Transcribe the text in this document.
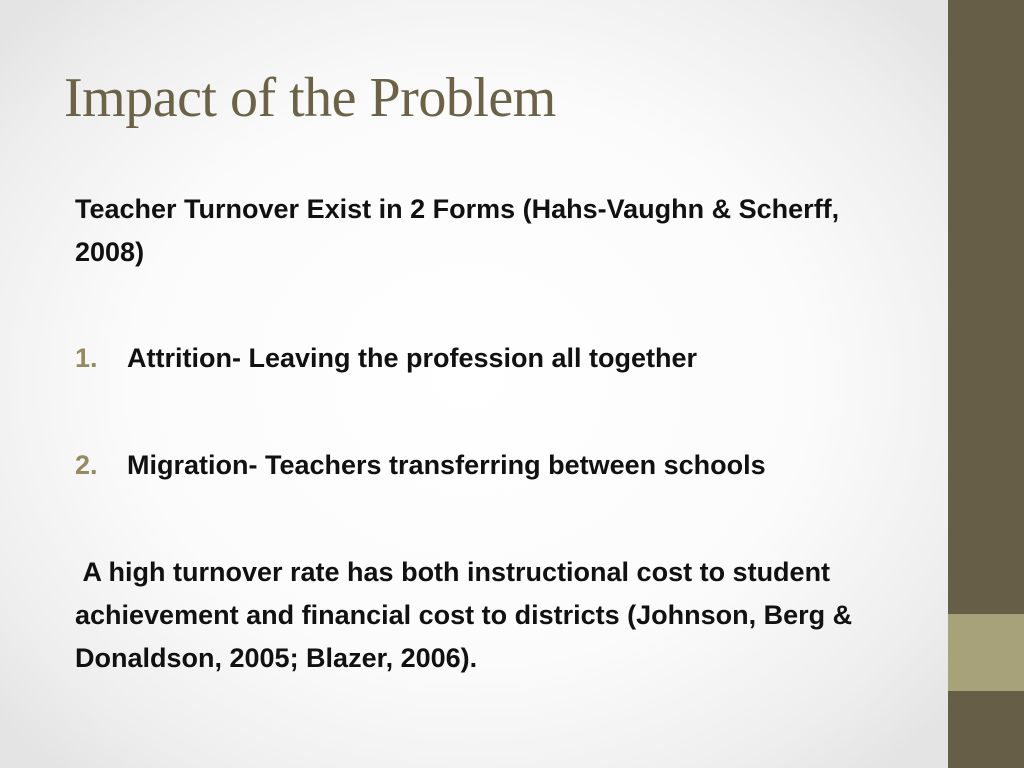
Impact of the Problem

Teacher Turnover Exist in 2 Forms (Hahs-Vaughn & Scherff, 2008)

1. Attrition- Leaving the profession all together
2. Migration- Teachers transferring between schools

A high turnover rate has both instructional cost to student achievement and financial cost to districts (Johnson, Berg & Donaldson, 2005; Blazer, 2006).
